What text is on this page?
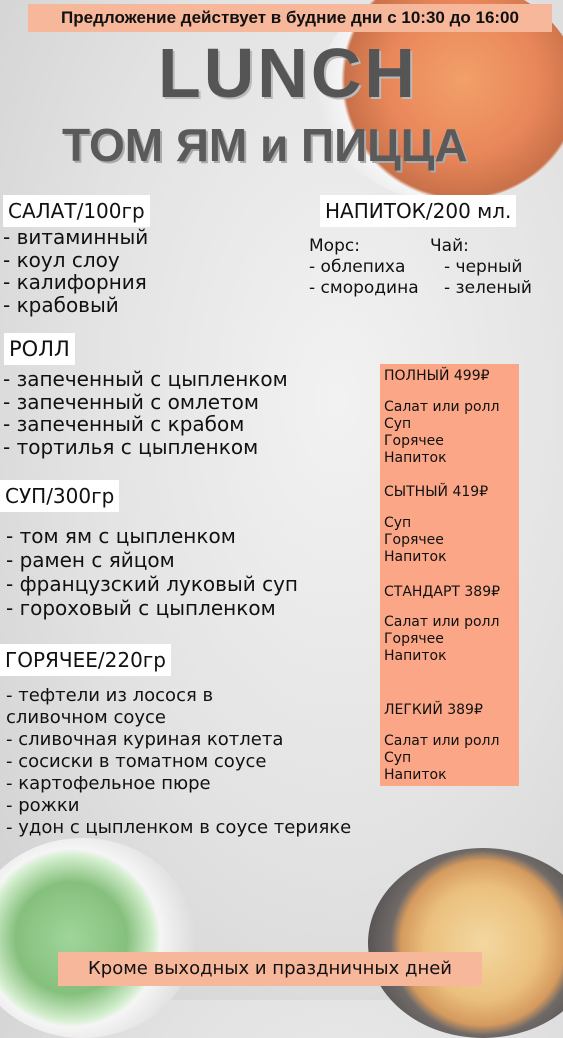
Предложение действует в будние дни с 10:30 до 16:00
LUNCH
ТОМ ЯМ и ПИЦЦА
САЛАТ/100гр
- витаминный
- коул слоу
- калифорния
- крабовый
НАПИТОК/200 мл.
Морс:	Чай:
- облепиха
- смородина
- черный
- зеленый
РОЛЛ
- запеченный с цыпленком
- запеченный с омлетом
- запеченный с крабом
- тортилья с цыпленком
СУП/300гр
- том ям с цыпленком
- рамен с яйцом
- французский луковый суп
- гороховый с цыпленком
ГОРЯЧЕЕ/220гр
- тефтели из лосося в
сливочном соусе
- сливочная куриная котлета
- сосиски в томатном соусе
- картофельное пюре
- рожки
- удон с цыпленком в соусе терияке
ПОЛНЫЙ 499₽
Салат или ролл
Суп
Горячее
Напиток
СЫТНЫЙ 419₽
Суп
Горячее
Напиток
СТАНДАРТ 389₽
Салат или ролл
Горячее
Напиток
ЛЕГКИЙ 389₽
Салат или ролл
Суп
Напиток
Кроме выходных и праздничных дней
